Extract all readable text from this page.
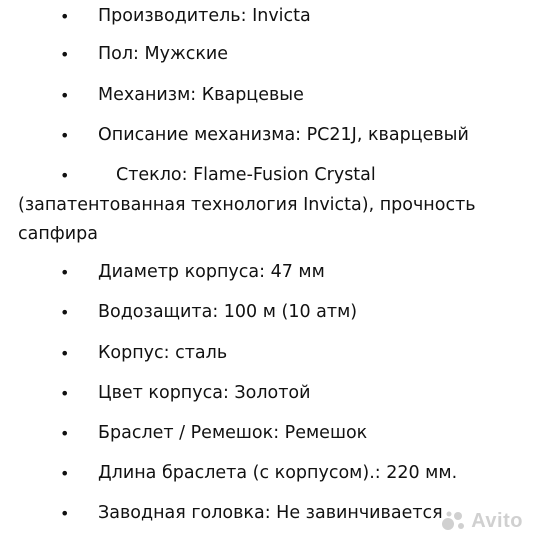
• Производитель: Invicta
• Пол: Мужские
• Механизм: Кварцевые
• Описание механизма: PC21J, кварцевый
•	Стекло: Flame-Fusion Crystal (запатентованная технология Invicta), прочность сапфира
• Диаметр корпуса: 47 мм
• Водозащита: 100 м (10 атм)
• Корпус: сталь
• Цвет корпуса: Золотой
• Браслет / Ремешок: Ремешок
• Длина браслета (с корпусом).: 220 мм.
• Заводная головка: Не завинчивается Avito
